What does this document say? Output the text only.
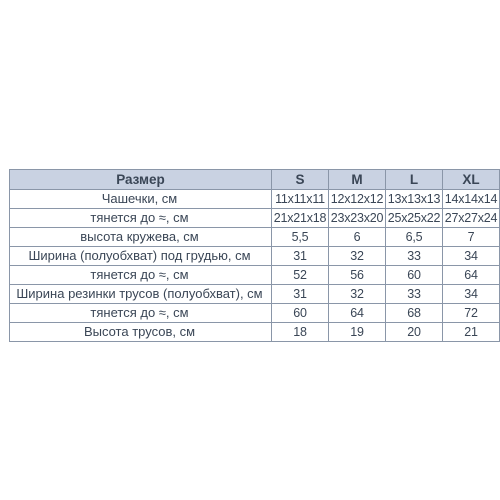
Размер	S	M	L	XL
Чашечки, см	11x11x11	12x12x12	13x13x13	14x14x14
тянется до ≈, см	21x21x18	23x23x20	25x25x22	27x27x24
высота кружева, см	5,5	6	6,5	7
Ширина (полуобхват) под грудью, см	31	32	33	34
тянется до ≈, см	52	56	60	64
Ширина резинки трусов (полуобхват), см	31	32	33	34
тянется до ≈, см	60	64	68	72
Высота трусов, см	18	19	20	21
